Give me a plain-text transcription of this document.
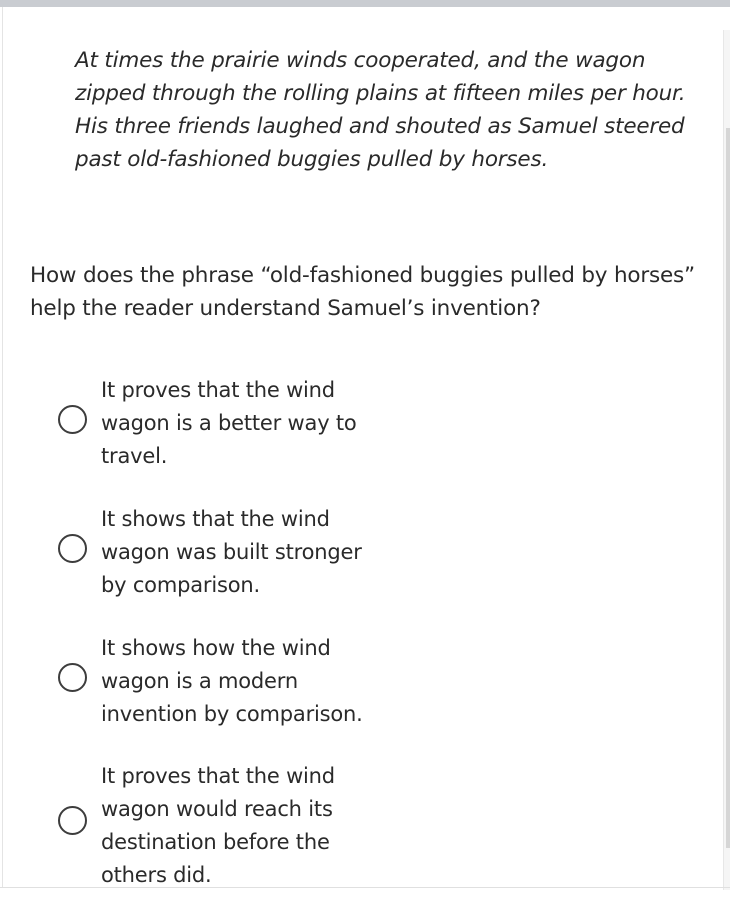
At times the prairie winds cooperated, and the wagon zipped through the rolling plains at fifteen miles per hour. His three friends laughed and shouted as Samuel steered past old-fashioned buggies pulled by horses.
How does the phrase “old-fashioned buggies pulled by horses” help the reader understand Samuel’s invention?
It proves that the wind wagon is a better way to travel.
It shows that the wind wagon was built stronger by comparison.
It shows how the wind wagon is a modern invention by comparison.
It proves that the wind wagon would reach its destination before the others did.
